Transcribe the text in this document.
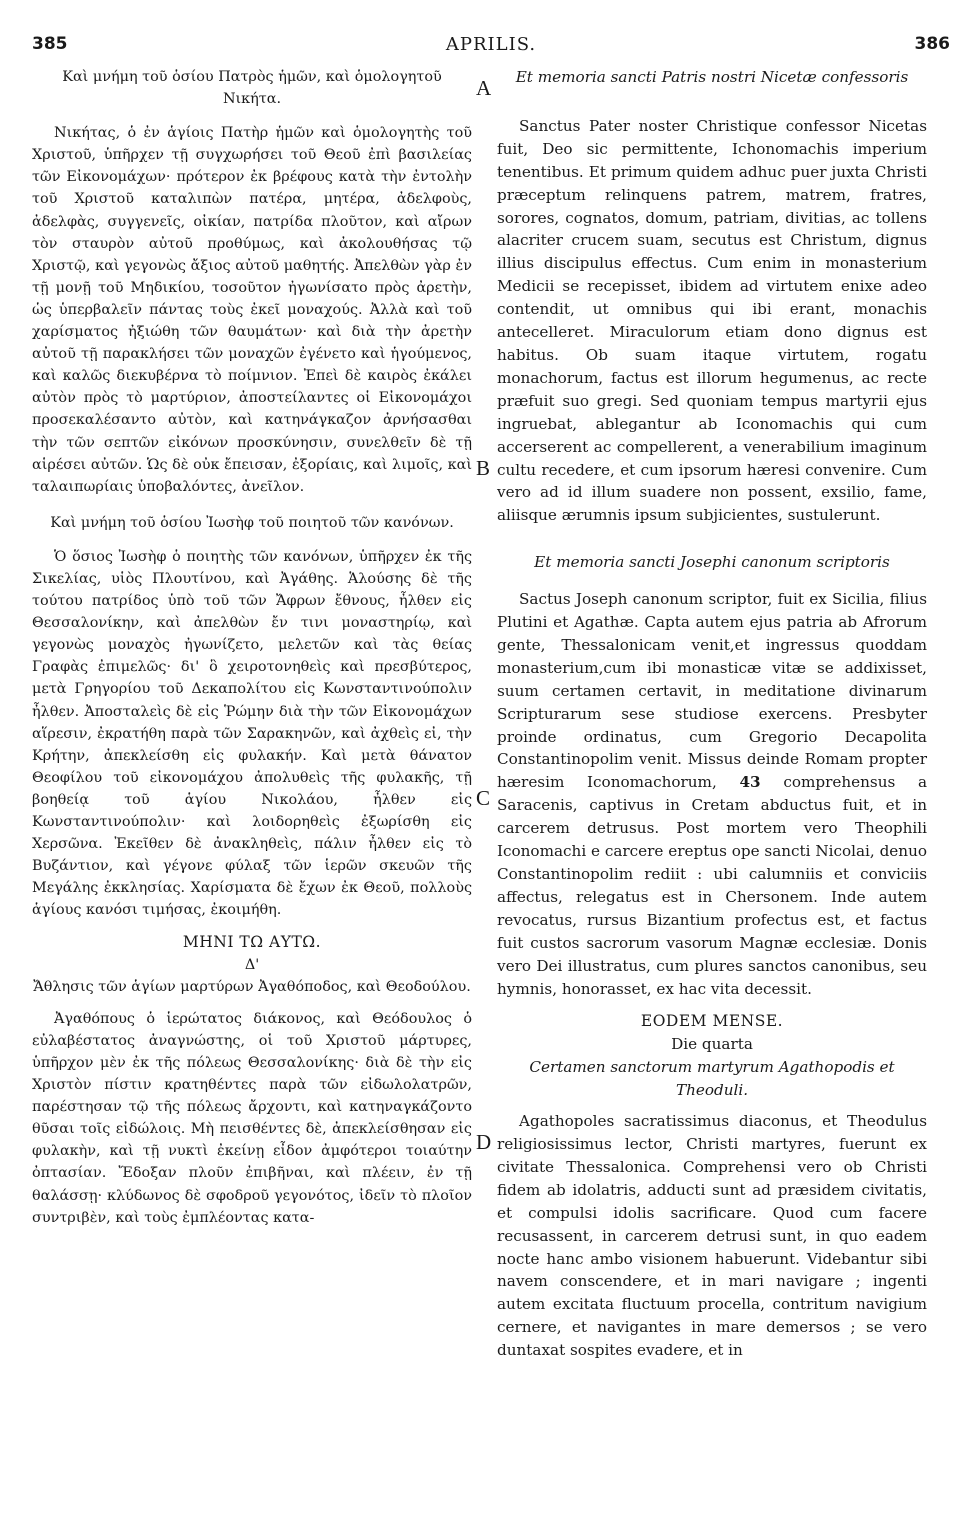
385	APRILIS.	386

Καὶ μνήμη τοῦ ὁσίου Πατρὸς ἡμῶν, καὶ ὁμολογητοῦ Νικήτα.

Νικήτας, ὁ ἐν ἁγίοις Πατὴρ ἡμῶν καὶ ὁμολογητὴς τοῦ Χριστοῦ, ὑπῆρχεν τῇ συγχωρήσει τοῦ Θεοῦ ἐπὶ βασιλείας τῶν Εἰκονομάχων· πρότερον ἐκ βρέφους κατὰ τὴν ἐντολὴν τοῦ Χριστοῦ καταλιπὼν πατέρα, μητέρα, ἀδελφοὺς, ἀδελφὰς, συγγενεῖς, οἰκίαν, πατρίδα πλοῦτον, καὶ αἴρων τὸν σταυρὸν αὐτοῦ προθύμως, καὶ ἀκολουθήσας τῷ Χριστῷ, καὶ γεγονὼς ἄξιος αὐτοῦ μαθητής. Ἀπελθὼν γὰρ ἐν τῇ μονῇ τοῦ Μηδικίου, τοσοῦτον ἠγωνίσατο πρὸς ἀρετὴν, ὡς ὑπερβαλεῖν πάντας τοὺς ἐκεῖ μοναχούς. Ἀλλὰ καὶ τοῦ χαρίσματος ἠξιώθη τῶν θαυμάτων· καὶ διὰ τὴν ἀρετὴν αὐτοῦ τῇ παρακλήσει τῶν μοναχῶν ἐγένετο καὶ ἡγούμενος, καὶ καλῶς διεκυβέρνα τὸ ποίμνιον. Ἐπεὶ δὲ καιρὸς ἐκάλει αὐτὸν πρὸς τὸ μαρτύριον, ἀποστείλαντες οἱ Εἰκονομάχοι προσεκαλέσαντο αὐτὸν, καὶ κατηνάγκαζον ἀρνήσασθαι τὴν τῶν σεπτῶν εἰκόνων προσκύνησιν, συνελθεῖν δὲ τῇ αἱρέσει αὐτῶν. Ὡς δὲ οὐκ ἔπεισαν, ἐξορίαις, καὶ λιμοῖς, καὶ ταλαιπωρίαις ὑποβαλόντες, ἀνεῖλον.

Καὶ μνήμη τοῦ ὁσίου Ἰωσὴφ τοῦ ποιητοῦ τῶν κανόνων.

Ὁ ὅσιος Ἰωσὴφ ὁ ποιητὴς τῶν κανόνων, ὑπῆρχεν ἐκ τῆς Σικελίας, υἱὸς Πλουτίνου, καὶ Ἀγάθης. Ἁλούσης δὲ τῆς τούτου πατρίδος ὑπὸ τοῦ τῶν Ἄφρων ἔθνους, ἦλθεν εἰς Θεσσαλονίκην, καὶ ἀπελθὼν ἔν τινι μοναστηρίῳ, καὶ γεγονὼς μοναχὸς ἠγωνίζετο, μελετῶν καὶ τὰς θείας Γραφὰς ἐπιμελῶς· δι' ὃ χειροτονηθεὶς καὶ πρεσβύτερος, μετὰ Γρηγορίου τοῦ Δεκαπολίτου εἰς Κωνσταντινούπολιν ἦλθεν. Ἀποσταλεὶς δὲ εἰς Ῥώμην διὰ τὴν τῶν Εἰκονομάχων αἵρεσιν, ἐκρατήθη παρὰ τῶν Σαρακηνῶν, καὶ ἀχθεὶς εἰ, τὴν Κρήτην, ἀπεκλείσθη εἰς φυλακήν. Καὶ μετὰ θάνατον Θεοφίλου τοῦ εἰκονομάχου ἀπολυθεὶς τῆς φυλακῆς, τῇ βοηθείᾳ τοῦ ἁγίου Νικολάου, ἦλθεν εἰς Κωνσταντινούπολιν· καὶ λοιδορηθεὶς ἐξωρίσθη εἰς Χερσῶνα. Ἐκεῖθεν δὲ ἀνακληθεὶς, πάλιν ἦλθεν εἰς τὸ Βυζάντιον, καὶ γέγονε φύλαξ τῶν ἱερῶν σκευῶν τῆς Μεγάλης ἐκκλησίας. Χαρίσματα δὲ ἔχων ἐκ Θεοῦ, πολλοὺς ἁγίους κανόσι τιμήσας, ἐκοιμήθη.

ΜΗΝΙ ΤΩ ΑΥΤΩ.

Δ'

Ἄθλησις τῶν ἁγίων μαρτύρων Ἀγαθόποδος, καὶ Θεοδούλου.

Ἀγαθόπους ὁ ἱερώτατος διάκονος, καὶ Θεόδουλος ὁ εὐλαβέστατος ἀναγνώστης, οἱ τοῦ Χριστοῦ μάρτυρες, ὑπῆρχον μὲν ἐκ τῆς πόλεως Θεσσαλονίκης· διὰ δὲ τὴν εἰς Χριστὸν πίστιν κρατηθέντες παρὰ τῶν εἰδωλολατρῶν, παρέστησαν τῷ τῆς πόλεως ἄρχοντι, καὶ κατηναγκάζοντο θῦσαι τοῖς εἰδώλοις. Μὴ πεισθέντες δὲ, ἀπεκλείσθησαν εἰς φυλακὴν, καὶ τῇ νυκτὶ ἐκείνῃ εἶδον ἀμφότεροι τοιαύτην ὀπτασίαν. Ἔδοξαν πλοῦν ἐπιβῆναι, καὶ πλέειν, ἐν τῇ θαλάσσῃ· κλύδωνος δὲ σφοδροῦ γεγονότος, ἰδεῖν τὸ πλοῖον συντριβὲν, καὶ τοὺς ἐμπλέοντας κατα-

A
B
C
D

Et memoria sancti Patris nostri Nicetæ confessoris

Sanctus Pater noster Christique confessor Nicetas fuit, Deo sic permittente, Ichonomachis imperium tenentibus. Et primum quidem adhuc puer juxta Christi præceptum relinquens patrem, matrem, fratres, sorores, cognatos, domum, patriam, divitias, ac tollens alacriter crucem suam, secutus est Christum, dignus illius discipulus effectus. Cum enim in monasterium Medicii se recepisset, ibidem ad virtutem enixe adeo contendit, ut omnibus qui ibi erant, monachis antecelleret. Miraculorum etiam dono dignus est habitus. Ob suam itaque virtutem, rogatu monachorum, factus est illorum hegumenus, ac recte præfuit suo gregi. Sed quoniam tempus martyrii ejus ingruebat, ablegantur ab Iconomachis qui cum accerserent ac compellerent, a venerabilium imaginum cultu recedere, et cum ipsorum hæresi convenire. Cum vero ad id illum suadere non possent, exsilio, fame, aliisque ærumnis ipsum subjicientes, sustulerunt.

Et memoria sancti Josephi canonum scriptoris

Sactus Joseph canonum scriptor, fuit ex Sicilia, filius Plutini et Agathæ. Capta autem ejus patria ab Afrorum gente, Thessalonicam venit,et ingressus quoddam monasterium,cum ibi monasticæ vitæ se addixisset, suum certamen certavit, in meditatione divinarum Scripturarum sese studiose exercens. Presbyter proinde ordinatus, cum Gregorio Decapolita Constantinopolim venit. Missus deinde Romam propter hæresim Iconomachorum, 43 comprehensus a Saracenis, captivus in Cretam abductus fuit, et in carcerem detrusus. Post mortem vero Theophili Iconomachi e carcere ereptus ope sancti Nicolai, denuo Constantinopolim rediit : ubi calumniis et conviciis affectus, relegatus est in Chersonem. Inde autem revocatus, rursus Bizantium profectus est, et factus fuit custos sacrorum vasorum Magnæ ecclesiæ. Donis vero Dei illustratus, cum plures sanctos canonibus, seu hymnis, honorasset, ex hac vita decessit.

EODEM MENSE.

Die quarta

Certamen sanctorum martyrum Agathopodis et Theoduli.

Agathopoles sacratissimus diaconus, et Theodulus religiosissimus lector, Christi martyres, fuerunt ex civitate Thessalonica. Comprehensi vero ob Christi fidem ab idolatris, adducti sunt ad præsidem civitatis, et compulsi idolis sacrificare. Quod cum facere recusassent, in carcerem detrusi sunt, in quo eadem nocte hanc ambo visionem habuerunt. Videbantur sibi navem conscendere, et in mari navigare ; ingenti autem excitata fluctuum procella, contritum navigium cernere, et navigantes in mare demersos ; se vero duntaxat sospites evadere, et in
